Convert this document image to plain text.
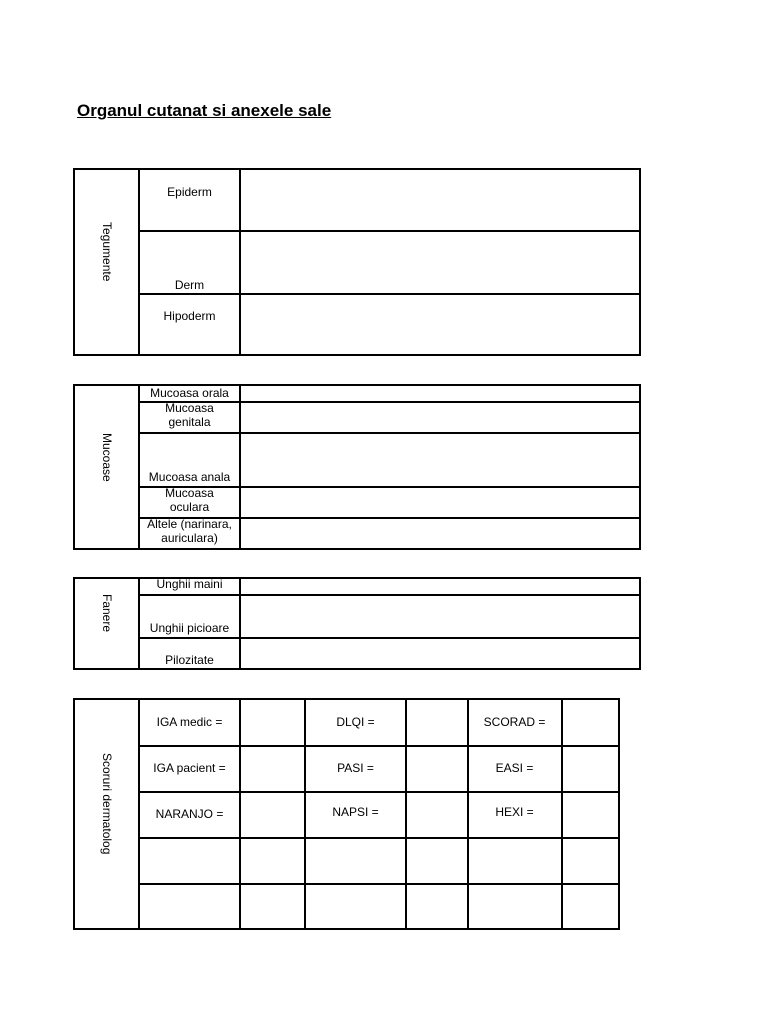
Organul cutanat si anexele sale
Tegumente
Epiderm
Derm
Hipoderm
Mucoase
Mucoasa orala
Mucoasa genitala
Mucoasa anala
Mucoasa oculara
Altele (narinara, auriculara)
Fanere
Unghii maini
Unghii picioare
Pilozitate
Scoruri dermatolog
IGA medic =	DLQI =	SCORAD =
IGA pacient =	PASI =	EASI =
NARANJO =	NAPSI =	HEXI =
